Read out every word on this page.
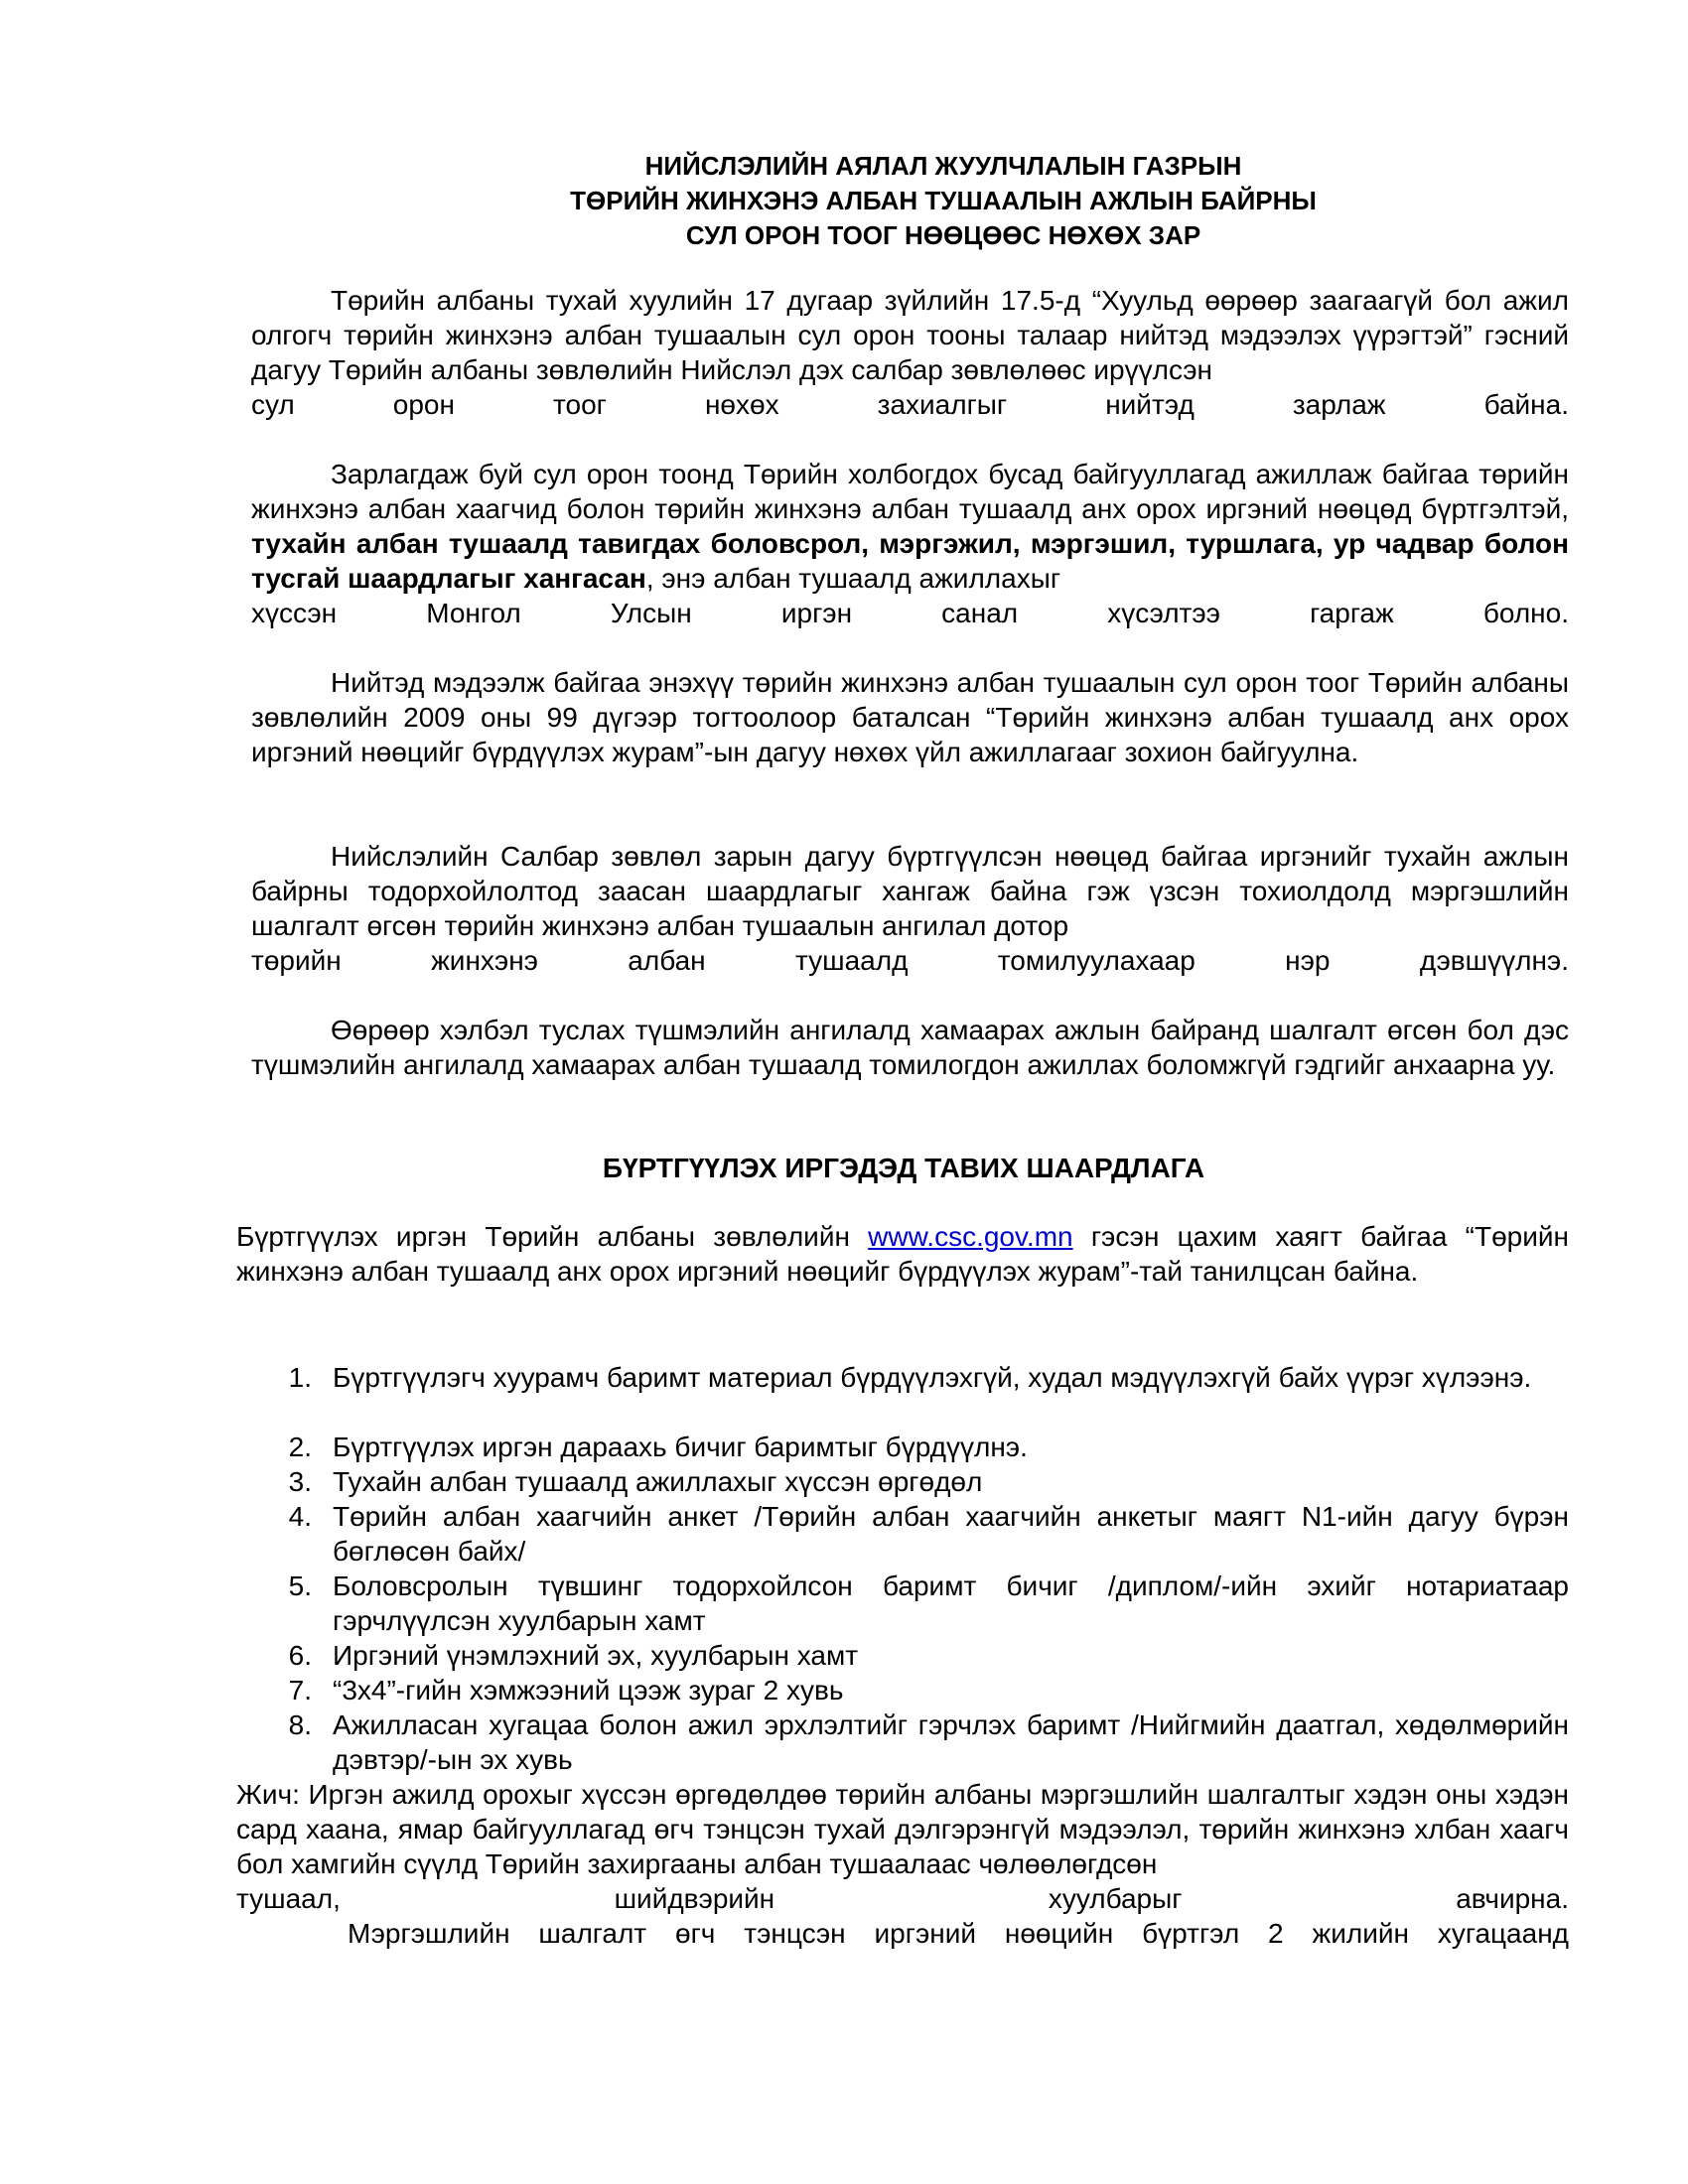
НИЙСЛЭЛИЙН АЯЛАЛ ЖУУЛЧЛАЛЫН ГАЗРЫН
ТӨРИЙН ЖИНХЭНЭ АЛБАН ТУШААЛЫН АЖЛЫН БАЙРНЫ
СУЛ ОРОН ТООГ НӨӨЦӨӨС НӨХӨХ ЗАР
Төрийн албаны тухай хуулийн 17 дугаар зүйлийн 17.5-д “Хуульд өөрөөр заагаагүй бол ажил олгогч төрийн жинхэнэ албан тушаалын сул орон тооны талаар нийтэд мэдээлэх үүрэгтэй” гэсний дагуу Төрийн албаны зөвлөлийн Нийслэл дэх салбар зөвлөлөөс ирүүлсэн
сул орон тоог нөхөх захиалгыг нийтэд зарлаж байна.
Зарлагдаж буй сул орон тоонд Төрийн холбогдох бусад байгууллагад ажиллаж байгаа төрийн жинхэнэ албан хаагчид болон төрийн жинхэнэ албан тушаалд анх орох иргэний нөөцөд бүртгэлтэй, тухайн албан тушаалд тавигдах боловсрол, мэргэжил, мэргэшил, туршлага, ур чадвар болон тусгай шаардлагыг хангасан, энэ албан тушаалд ажиллахыг
хүссэн Монгол Улсын иргэн санал хүсэлтээ гаргаж болно.
Нийтэд мэдээлж байгаа энэхүү төрийн жинхэнэ албан тушаалын сул орон тоог Төрийн албаны зөвлөлийн 2009 оны 99 дүгээр тогтоолоор баталсан “Төрийн жинхэнэ албан тушаалд анх орох иргэний нөөцийг бүрдүүлэх журам”-ын дагуу нөхөх үйл ажиллагааг зохион байгуулна.
Нийслэлийн Салбар зөвлөл зарын дагуу бүртгүүлсэн нөөцөд байгаа иргэнийг тухайн ажлын байрны тодорхойлолтод заасан шаардлагыг хангаж байна гэж үзсэн тохиолдолд мэргэшлийн шалгалт өгсөн төрийн жинхэнэ албан тушаалын ангилал дотор
төрийн жинхэнэ албан тушаалд томилуулахаар нэр дэвшүүлнэ.
Өөрөөр хэлбэл туслах түшмэлийн ангилалд хамаарах ажлын байранд шалгалт өгсөн бол дэс түшмэлийн ангилалд хамаарах албан тушаалд томилогдон ажиллах боломжгүй гэдгийг анхаарна уу.
БҮРТГҮҮЛЭХ ИРГЭДЭД ТАВИХ ШААРДЛАГА
Бүртгүүлэх иргэн Төрийн албаны зөвлөлийн www.csc.gov.mn гэсэн цахим хаягт байгаа “Төрийн жинхэнэ албан тушаалд анх орох иргэний нөөцийг бүрдүүлэх журам”-тай танилцсан байна.
1. Бүртгүүлэгч хуурамч баримт материал бүрдүүлэхгүй, худал мэдүүлэхгүй байх үүрэг хүлээнэ.
2. Бүртгүүлэх иргэн дараахь бичиг баримтыг бүрдүүлнэ.
3. Тухайн албан тушаалд ажиллахыг хүссэн өргөдөл
4. Төрийн албан хаагчийн анкет /Төрийн албан хаагчийн анкетыг маягт N1-ийн дагуу бүрэн бөглөсөн байх/
5. Боловсролын түвшинг тодорхойлсон баримт бичиг /диплом/-ийн эхийг нотариатаар гэрчлүүлсэн хуулбарын хамт
6. Иргэний үнэмлэхний эх, хуулбарын хамт
7. “3х4”-гийн хэмжээний цээж зураг 2 хувь
8. Ажилласан хугацаа болон ажил эрхлэлтийг гэрчлэх баримт /Нийгмийн даатгал, хөдөлмөрийн дэвтэр/-ын эх хувь
Жич: Иргэн ажилд орохыг хүссэн өргөдөлдөө төрийн албаны мэргэшлийн шалгалтыг хэдэн оны хэдэн сард хаана, ямар байгууллагад өгч тэнцсэн тухай дэлгэрэнгүй мэдээлэл, төрийн жинхэнэ хлбан хаагч бол хамгийн сүүлд Төрийн захиргааны албан тушаалаас чөлөөлөгдсөн
тушаал, шийдвэрийн хуулбарыг авчирна.
Мэргэшлийн шалгалт өгч тэнцсэн иргэний нөөцийн бүртгэл 2 жилийн хугацаанд
